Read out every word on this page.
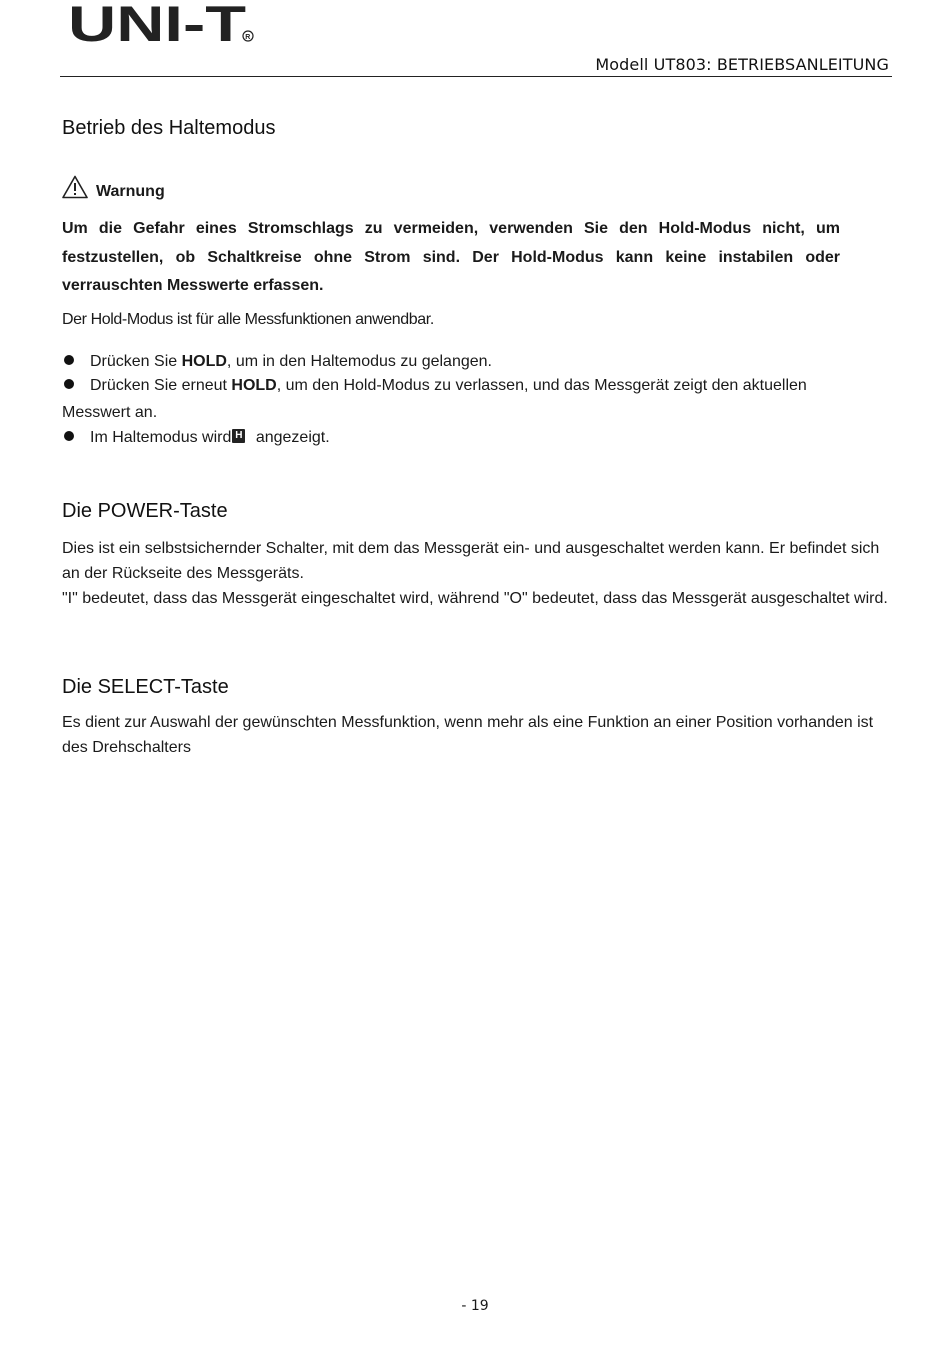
UNI-T R
Modell UT803: BETRIEBSANLEITUNG
Betrieb des Haltemodus
Warnung

Um die Gefahr eines Stromschlags zu vermeiden, verwenden Sie den Hold-Modus nicht, um festzustellen, ob Schaltkreise ohne Strom sind. Der Hold-Modus kann keine instabilen oder verrauschten Messwerte erfassen.

Der Hold-Modus ist für alle Messfunktionen anwendbar.

Drücken Sie HOLD, um in den Haltemodus zu gelangen.

Drücken Sie erneut HOLD, um den Hold-Modus zu verlassen, und das Messgerät zeigt den aktuellen Messwert an.

Im Haltemodus wird H angezeigt.

Die POWER-Taste

Dies ist ein selbstsichernder Schalter, mit dem das Messgerät ein- und ausgeschaltet werden kann. Er befindet sich an der Rückseite des Messgeräts.

"I" bedeutet, dass das Messgerät eingeschaltet wird, während "O" bedeutet, dass das Messgerät ausgeschaltet wird.

Die SELECT-Taste

Es dient zur Auswahl der gewünschten Messfunktion, wenn mehr als eine Funktion an einer Position vorhanden ist des Drehschalters

- 19
